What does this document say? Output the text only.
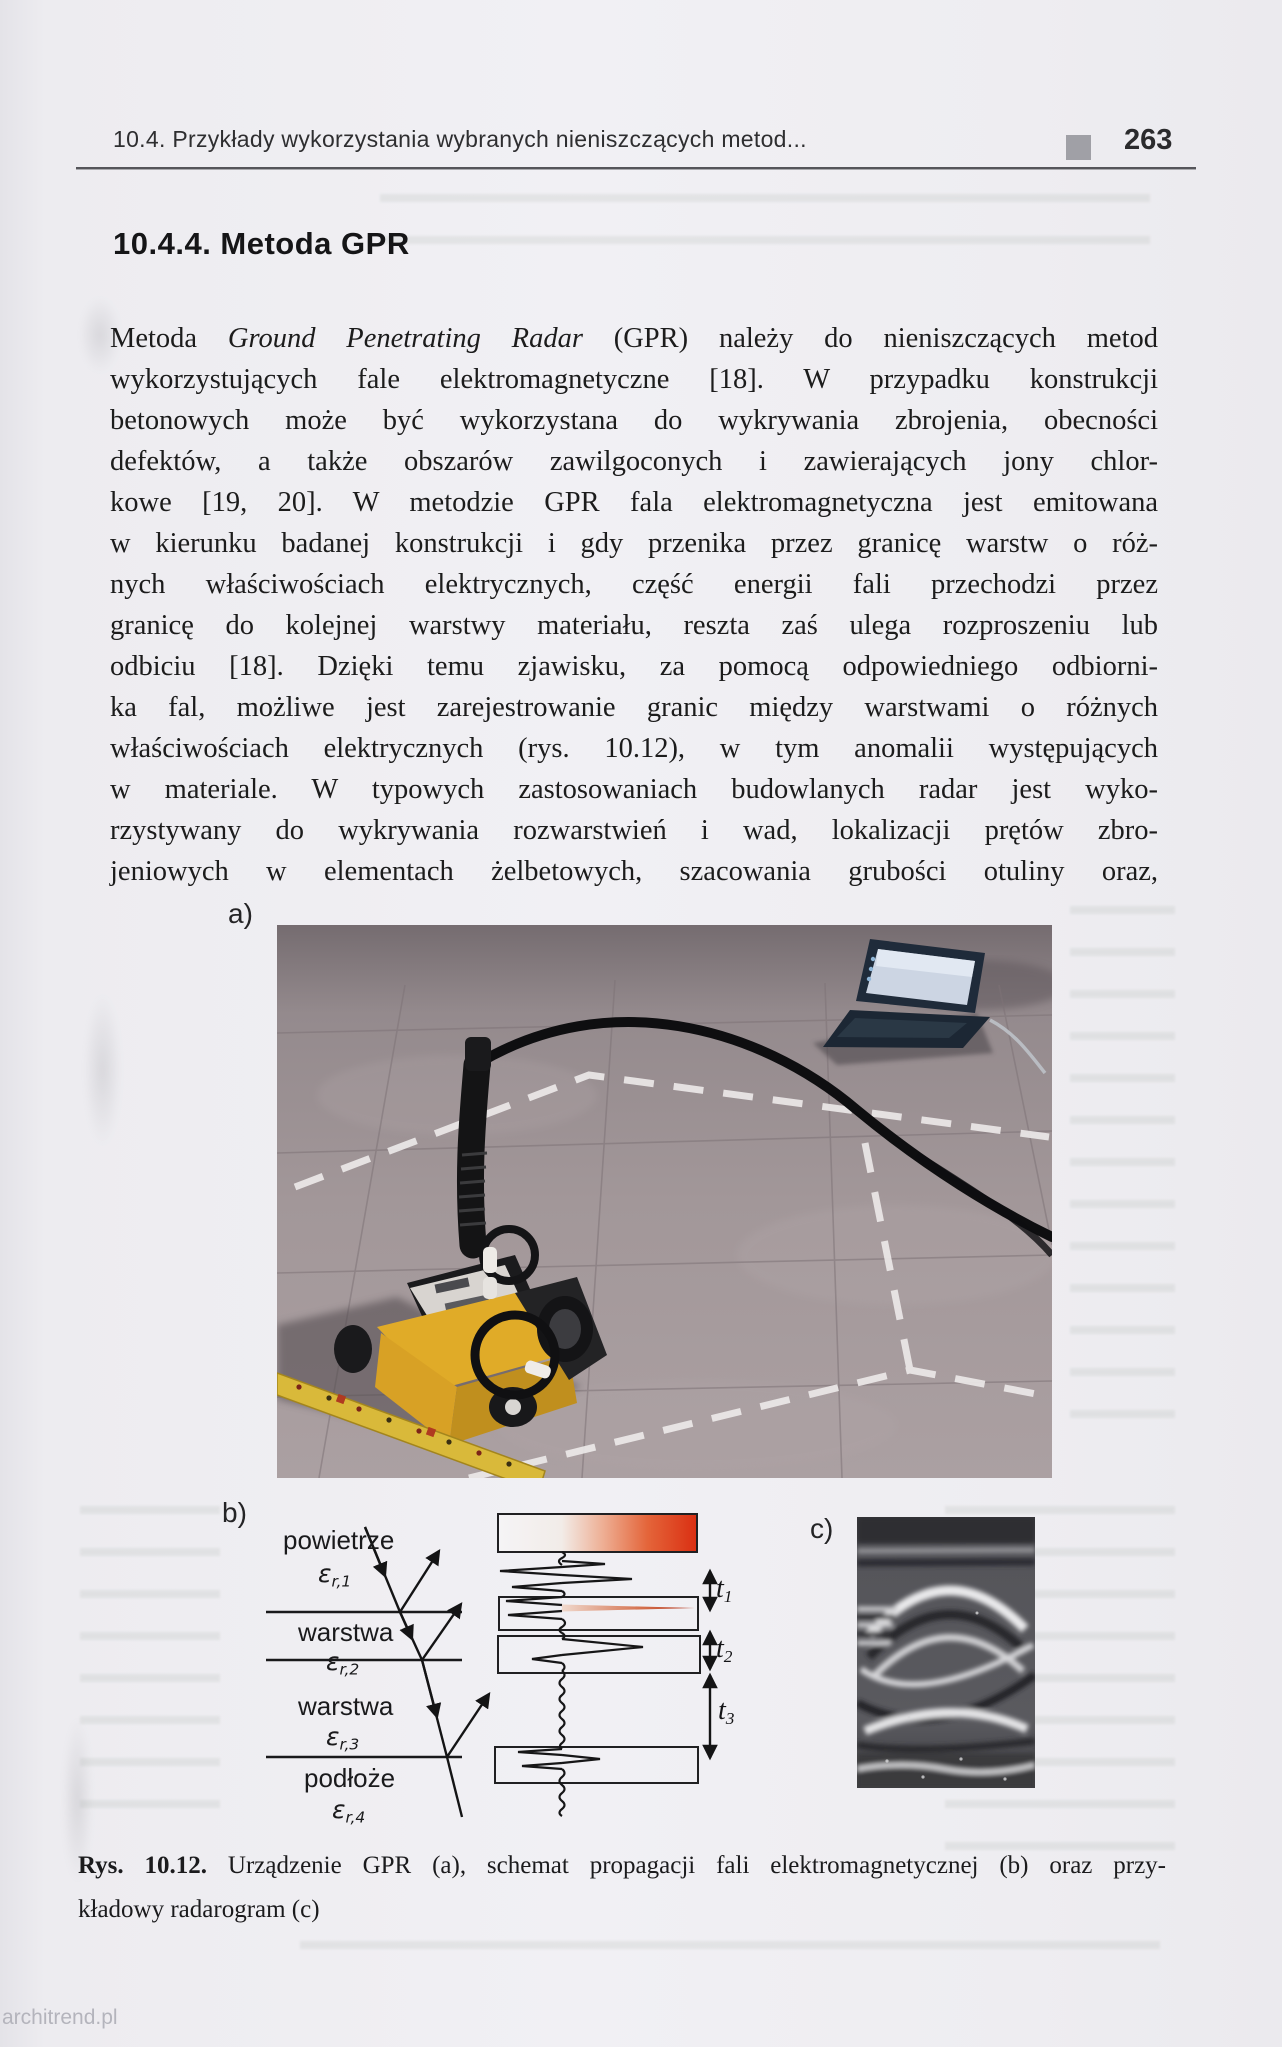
10.4. Przykłady wykorzystania wybranych nieniszczących metod...	263
10.4.4. Metoda GPR
Metoda Ground Penetrating Radar (GPR) należy do nieniszczących metod
wykorzystujących fale elektromagnetyczne [18]. W przypadku konstrukcji
betonowych może być wykorzystana do wykrywania zbrojenia, obecności
defektów, a także obszarów zawilgoconych i zawierających jony chlor-
kowe [19, 20]. W metodzie GPR fala elektromagnetyczna jest emitowana
w kierunku badanej konstrukcji i gdy przenika przez granicę warstw o róż-
nych właściwościach elektrycznych, część energii fali przechodzi przez
granicę do kolejnej warstwy materiału, reszta zaś ulega rozproszeniu lub
odbiciu [18]. Dzięki temu zjawisku, za pomocą odpowiedniego odbiorni-
ka fal, możliwe jest zarejestrowanie granic między warstwami o różnych
właściwościach elektrycznych (rys. 10.12), w tym anomalii występujących
w materiale. W typowych zastosowaniach budowlanych radar jest wyko-
rzystywany do wykrywania rozwarstwień i wad, lokalizacji prętów zbro-
jeniowych w elementach żelbetowych, szacowania grubości otuliny oraz,
a)
b)
powietrze
$\varepsilon_{r,1}$
warstwa
$\varepsilon_{r,2}$
warstwa
$\varepsilon_{r,3}$
podłoże
$\varepsilon_{r,4}$
$t_1$
$t_2$
$t_3$
c)
Rys. 10.12. Urządzenie GPR (a), schemat propagacji fali elektromagnetycznej (b) oraz przy-
kładowy radarogram (c)
architrend.pl
